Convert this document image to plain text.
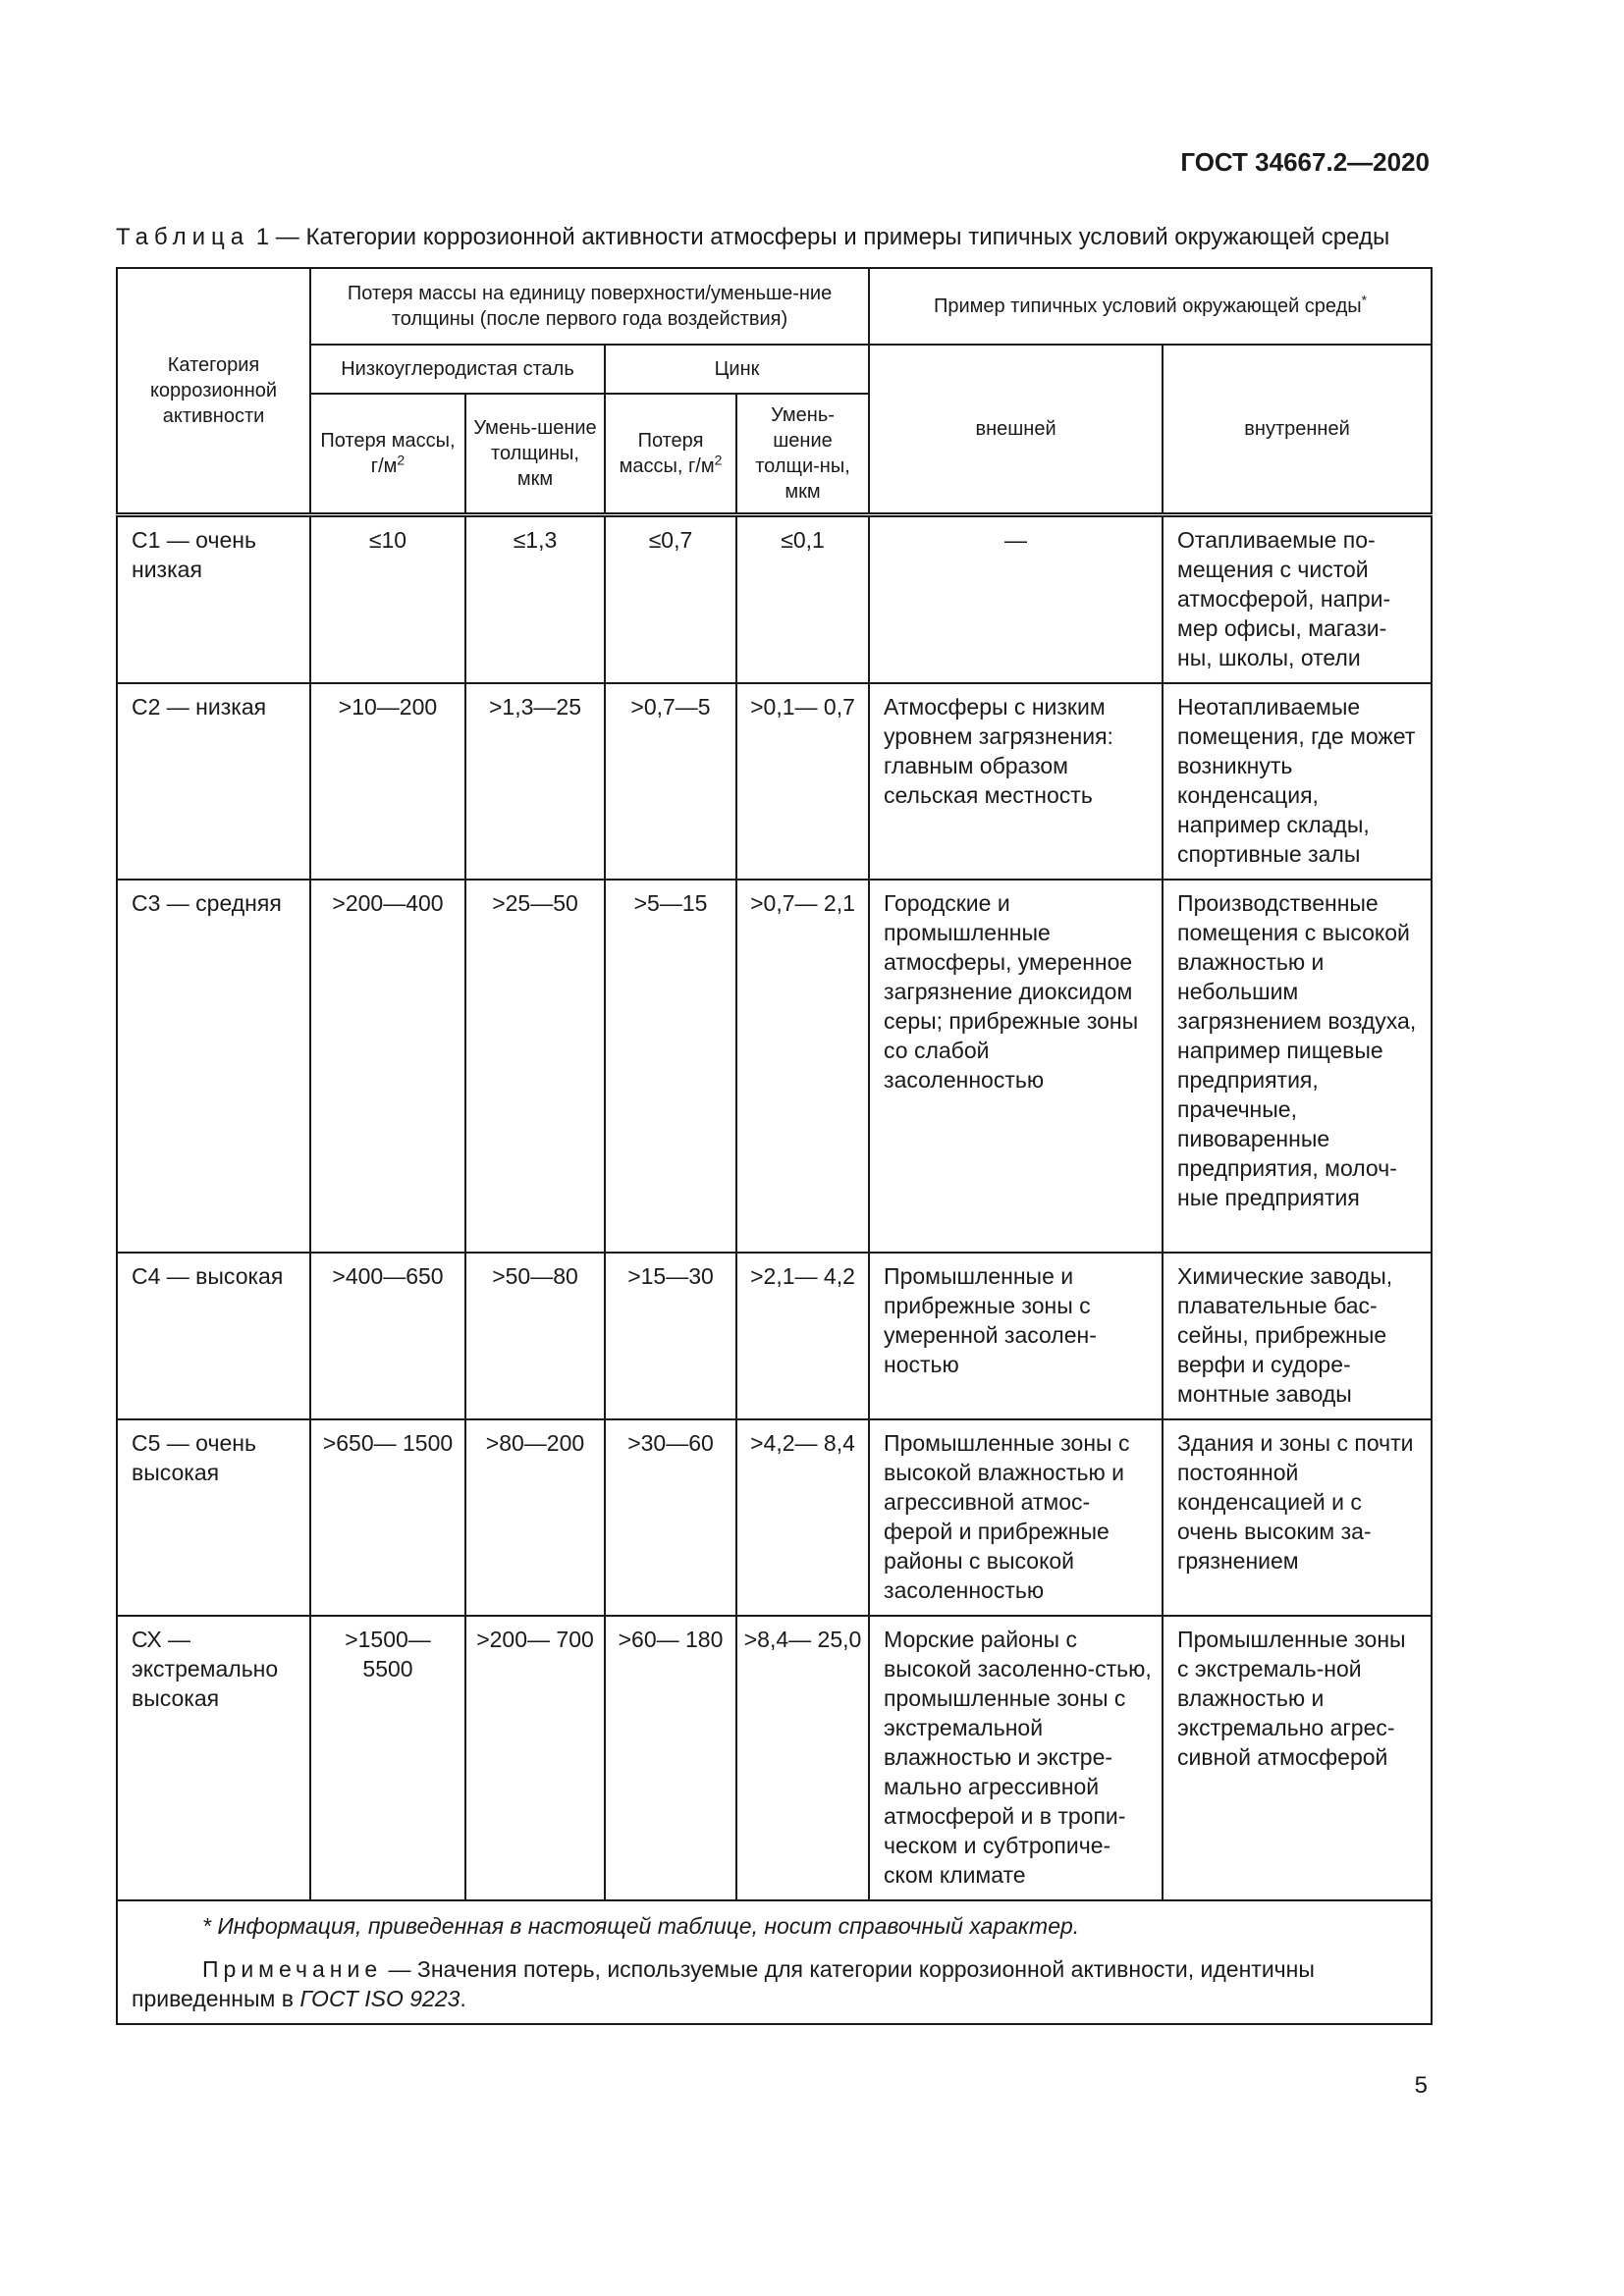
ГОСТ 34667.2—2020
Таблица 1 — Категории коррозионной активности атмосферы и примеры типичных условий окружающей среды
Категория коррозионной активности	Потеря массы на единицу поверхности/уменьше-ние толщины (после первого года воздействия)				Пример типичных условий окружающей среды*
	Низкоуглеродистая сталь		Цинк		внешней	внутренней
	Потеря массы, $г/м^2$	Умень-шение толщины, мкм	Потеря массы, $г/м^2$	Умень-шение толщи-ны, мкм		
С1 — очень низкая	≤10	≤1,3	≤0,7	≤0,1	—	Отапливаемые по-мещения с чистой атмосферой, напри-мер офисы, магази-ны, школы, отели
С2 — низкая	>10—200	>1,3—25	>0,7—5	>0,1— 0,7	Атмосферы с низким уровнем загрязнения: главным образом сельская местность	Неотапливаемые помещения, где может возникнуть конденсация, например склады, спортивные залы
С3 — средняя	>200—400	>25—50	>5—15	>0,7— 2,1	Городские и промышленные атмосферы, умеренное загрязнение диоксидом серы; прибрежные зоны со слабой засоленностью	Производственные помещения с высокой влажностью и небольшим загрязнением воздуха, например пищевые предприятия, прачечные, пивоваренные предприятия, молоч-ные предприятия
С4 — высокая	>400—650	>50—80	>15—30	>2,1— 4,2	Промышленные и прибрежные зоны с умеренной засолен-ностью	Химические заводы, плавательные бас-сейны, прибрежные верфи и судоре-монтные заводы
С5 — очень высокая	>650— 1500	>80—200	>30—60	>4,2— 8,4	Промышленные зоны с высокой влажностью и агрессивной атмос-ферой и прибрежные районы с высокой засоленностью	Здания и зоны с почти постоянной конденсацией и с очень высоким за-грязнением
СХ — экстремально высокая	>1500— 5500	>200— 700	>60— 180	>8,4— 25,0	Морские районы с высокой засоленно-стью, промышленные зоны с экстремальной влажностью и экстре-мально агрессивной атмосферой и в тропи-ческом и субтропиче-ском климате	Промышленные зоны с экстремаль-ной влажностью и экстремально агрес-сивной атмосферой

* Информация, приведенная в настоящей таблице, носит справочный характер.
Примечание — Значения потерь, используемые для категории коррозионной активности, идентичны приведенным в ГОСТ ISO 9223.						
5
